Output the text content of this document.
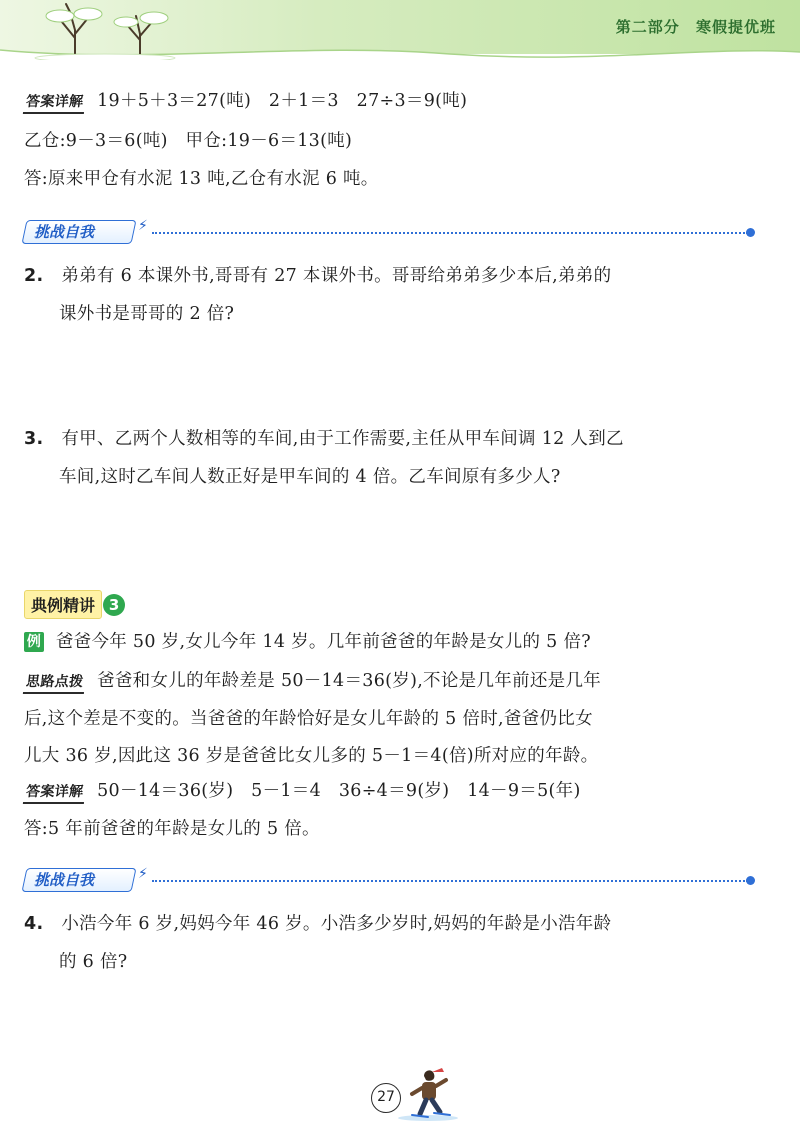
第二部分 寒假提优班
答案详解 19＋5＋3＝27(吨)　2＋1＝3　27÷3＝9(吨)
乙仓:9－3＝6(吨)　甲仓:19－6＝13(吨)
答:原来甲仓有水泥 13 吨,乙仓有水泥 6 吨。
挑战自我	⚡
2. 弟弟有 6 本课外书,哥哥有 27 本课外书。哥哥给弟弟多少本后,弟弟的
课外书是哥哥的 2 倍?
3. 有甲、乙两个人数相等的车间,由于工作需要,主任从甲车间调 12 人到乙
车间,这时乙车间人数正好是甲车间的 4 倍。乙车间原有多少人?
典例精讲 3
例 爸爸今年 50 岁,女儿今年 14 岁。几年前爸爸的年龄是女儿的 5 倍?
思路点拨 爸爸和女儿的年龄差是 50－14＝36(岁),不论是几年前还是几年
后,这个差是不变的。当爸爸的年龄恰好是女儿年龄的 5 倍时,爸爸仍比女
儿大 36 岁,因此这 36 岁是爸爸比女儿多的 5－1＝4(倍)所对应的年龄。
答案详解 50－14＝36(岁)　5－1＝4　36÷4＝9(岁)　14－9＝5(年)
答:5 年前爸爸的年龄是女儿的 5 倍。
挑战自我	⚡
4. 小浩今年 6 岁,妈妈今年 46 岁。小浩多少岁时,妈妈的年龄是小浩年龄
的 6 倍?
27
